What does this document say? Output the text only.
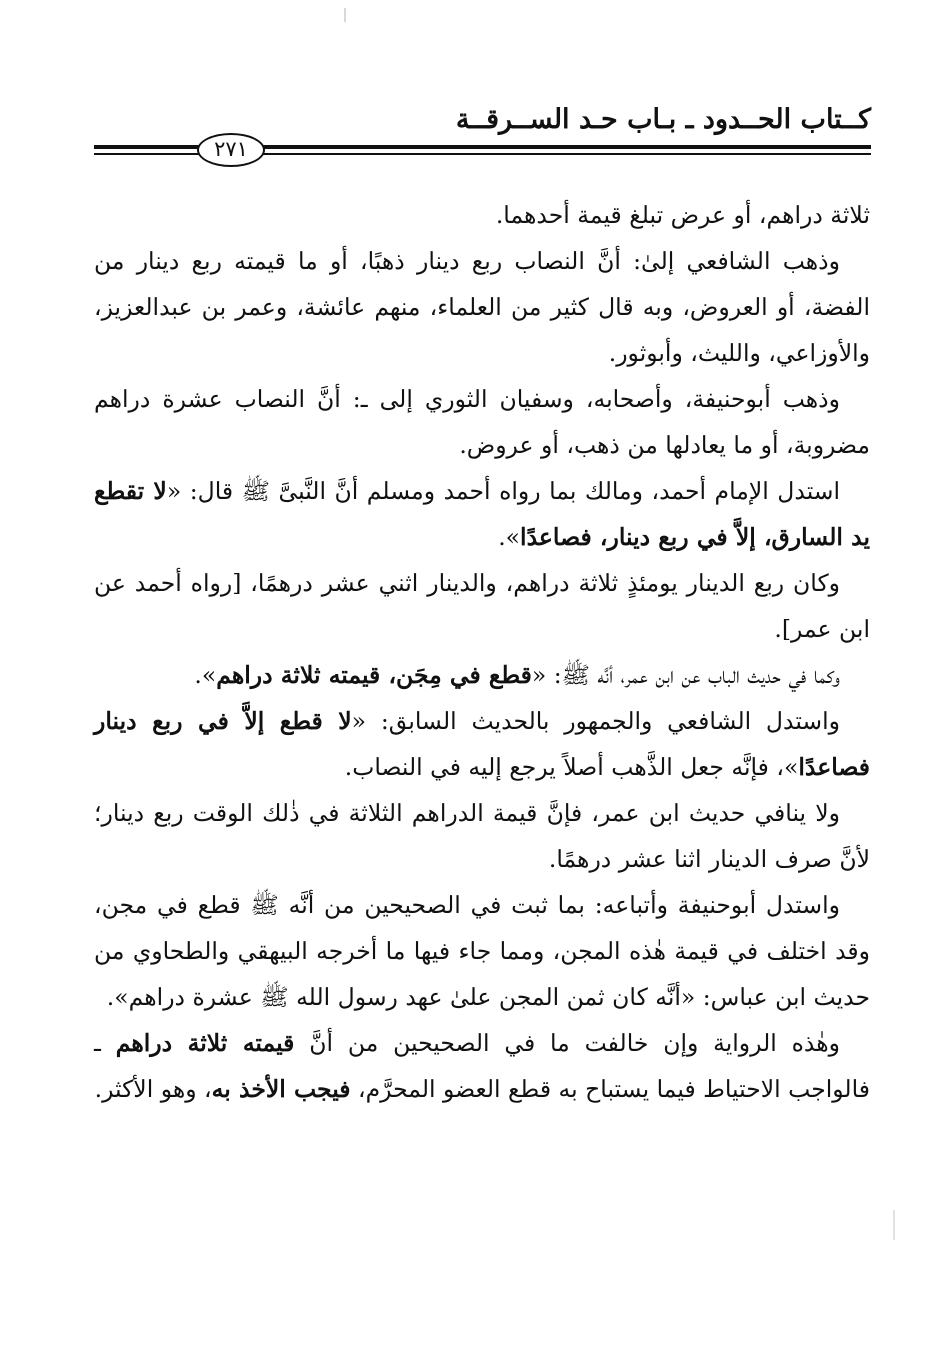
كــتاب الحــدود ـ بـاب حـد الســرقــة
٢٧١

ثلاثة دراهم، أو عرض تبلغ قيمة أحدهما.

وذهب الشافعي إلىٰ: أنَّ النصاب ربع دينار ذهبًا، أو ما قيمته ربع دينار من الفضة، أو العروض، وبه قال كثير من العلماء، منهم عائشة، وعمر بن عبدالعزيز، والأوزاعي، والليث، وأبوثور.

وذهب أبوحنيفة، وأصحابه، وسفيان الثوري إلى ـ: أنَّ النصاب عشرة دراهم مضروبة، أو ما يعادلها من ذهب، أو عروض.

استدل الإمام أحمد، ومالك بما رواه أحمد ومسلم أنَّ النَّبىَّ ﷺ قال: «لا تقطع يد السارق، إلاَّ في ربع دينار، فصاعدًا».

وكان ربع الدينار يومئذٍ ثلاثة دراهم، والدينار اثني عشر درهمًا، [رواه أحمد عن ابن عمر].

وكما في حديث الباب عن ابن عمر، أنَّه ﷺ: «قطع في مِجَن، قيمته ثلاثة دراهم».

واستدل الشافعي والجمهور بالحديث السابق: «لا قطع إلاَّ في ربع دينار فصاعدًا»، فإنَّه جعل الذَّهب أصلاً يرجع إليه في النصاب.

ولا ينافي حديث ابن عمر، فإنَّ قيمة الدراهم الثلاثة في ذٰلك الوقت ربع دينار؛ لأنَّ صرف الدينار اثنا عشر درهمًا.

واستدل أبوحنيفة وأتباعه: بما ثبت في الصحيحين من أنَّه ﷺ قطع في مجن، وقد اختلف في قيمة هٰذه المجن، ومما جاء فيها ما أخرجه البيهقي والطحاوي من حديث ابن عباس: «أنَّه كان ثمن المجن علىٰ عهد رسول الله ﷺ عشرة دراهم».

وهٰذه الرواية وإن خالفت ما في الصحيحين من أنَّ قيمته ثلاثة دراهم ـ فالواجب الاحتياط فيما يستباح به قطع العضو المحرَّم، فيجب الأخذ به، وهو الأكثر.
